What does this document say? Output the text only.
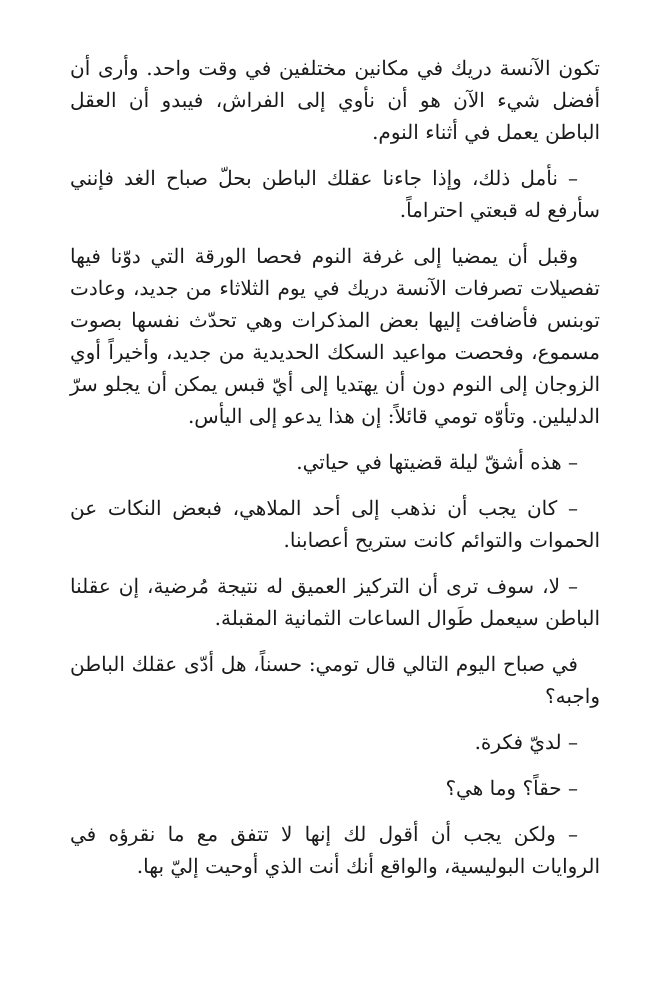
تكون الآنسة دريك في مكانين مختلفين في وقت واحد. وأرى أن أفضل شيء الآن هو أن نأوي إلى الفراش، فيبدو أن العقل الباطن يعمل في أثناء النوم.

– نأمل ذلك، وإذا جاءنا عقلك الباطن بحلّ صباح الغد فإنني سأرفع له قبعتي احتراماً.

وقبل أن يمضيا إلى غرفة النوم فحصا الورقة التي دوّنا فيها تفصيلات تصرفات الآنسة دريك في يوم الثلاثاء من جديد، وعادت توبنس فأضافت إليها بعض المذكرات وهي تحدّث نفسها بصوت مسموع، وفحصت مواعيد السكك الحديدية من جديد، وأخيراً أوي الزوجان إلى النوم دون أن يهتديا إلى أيّ قبس يمكن أن يجلو سرّ الدليلين. وتأوّه تومي قائلاً: إن هذا يدعو إلى اليأس.

– هذه أشقّ ليلة قضيتها في حياتي.

– كان يجب أن نذهب إلى أحد الملاهي، فبعض النكات عن الحموات والتوائم كانت ستريح أعصابنا.

– لا، سوف ترى أن التركيز العميق له نتيجة مُرضية، إن عقلنا الباطن سيعمل طَوال الساعات الثمانية المقبلة.

في صباح اليوم التالي قال تومي: حسناً، هل أدّى عقلك الباطن واجبه؟

– لديّ فكرة.

– حقاً؟ وما هي؟

– ولكن يجب أن أقول لك إنها لا تتفق مع ما نقرؤه في الروايات البوليسية، والواقع أنك أنت الذي أوحيت إليّ بها.
